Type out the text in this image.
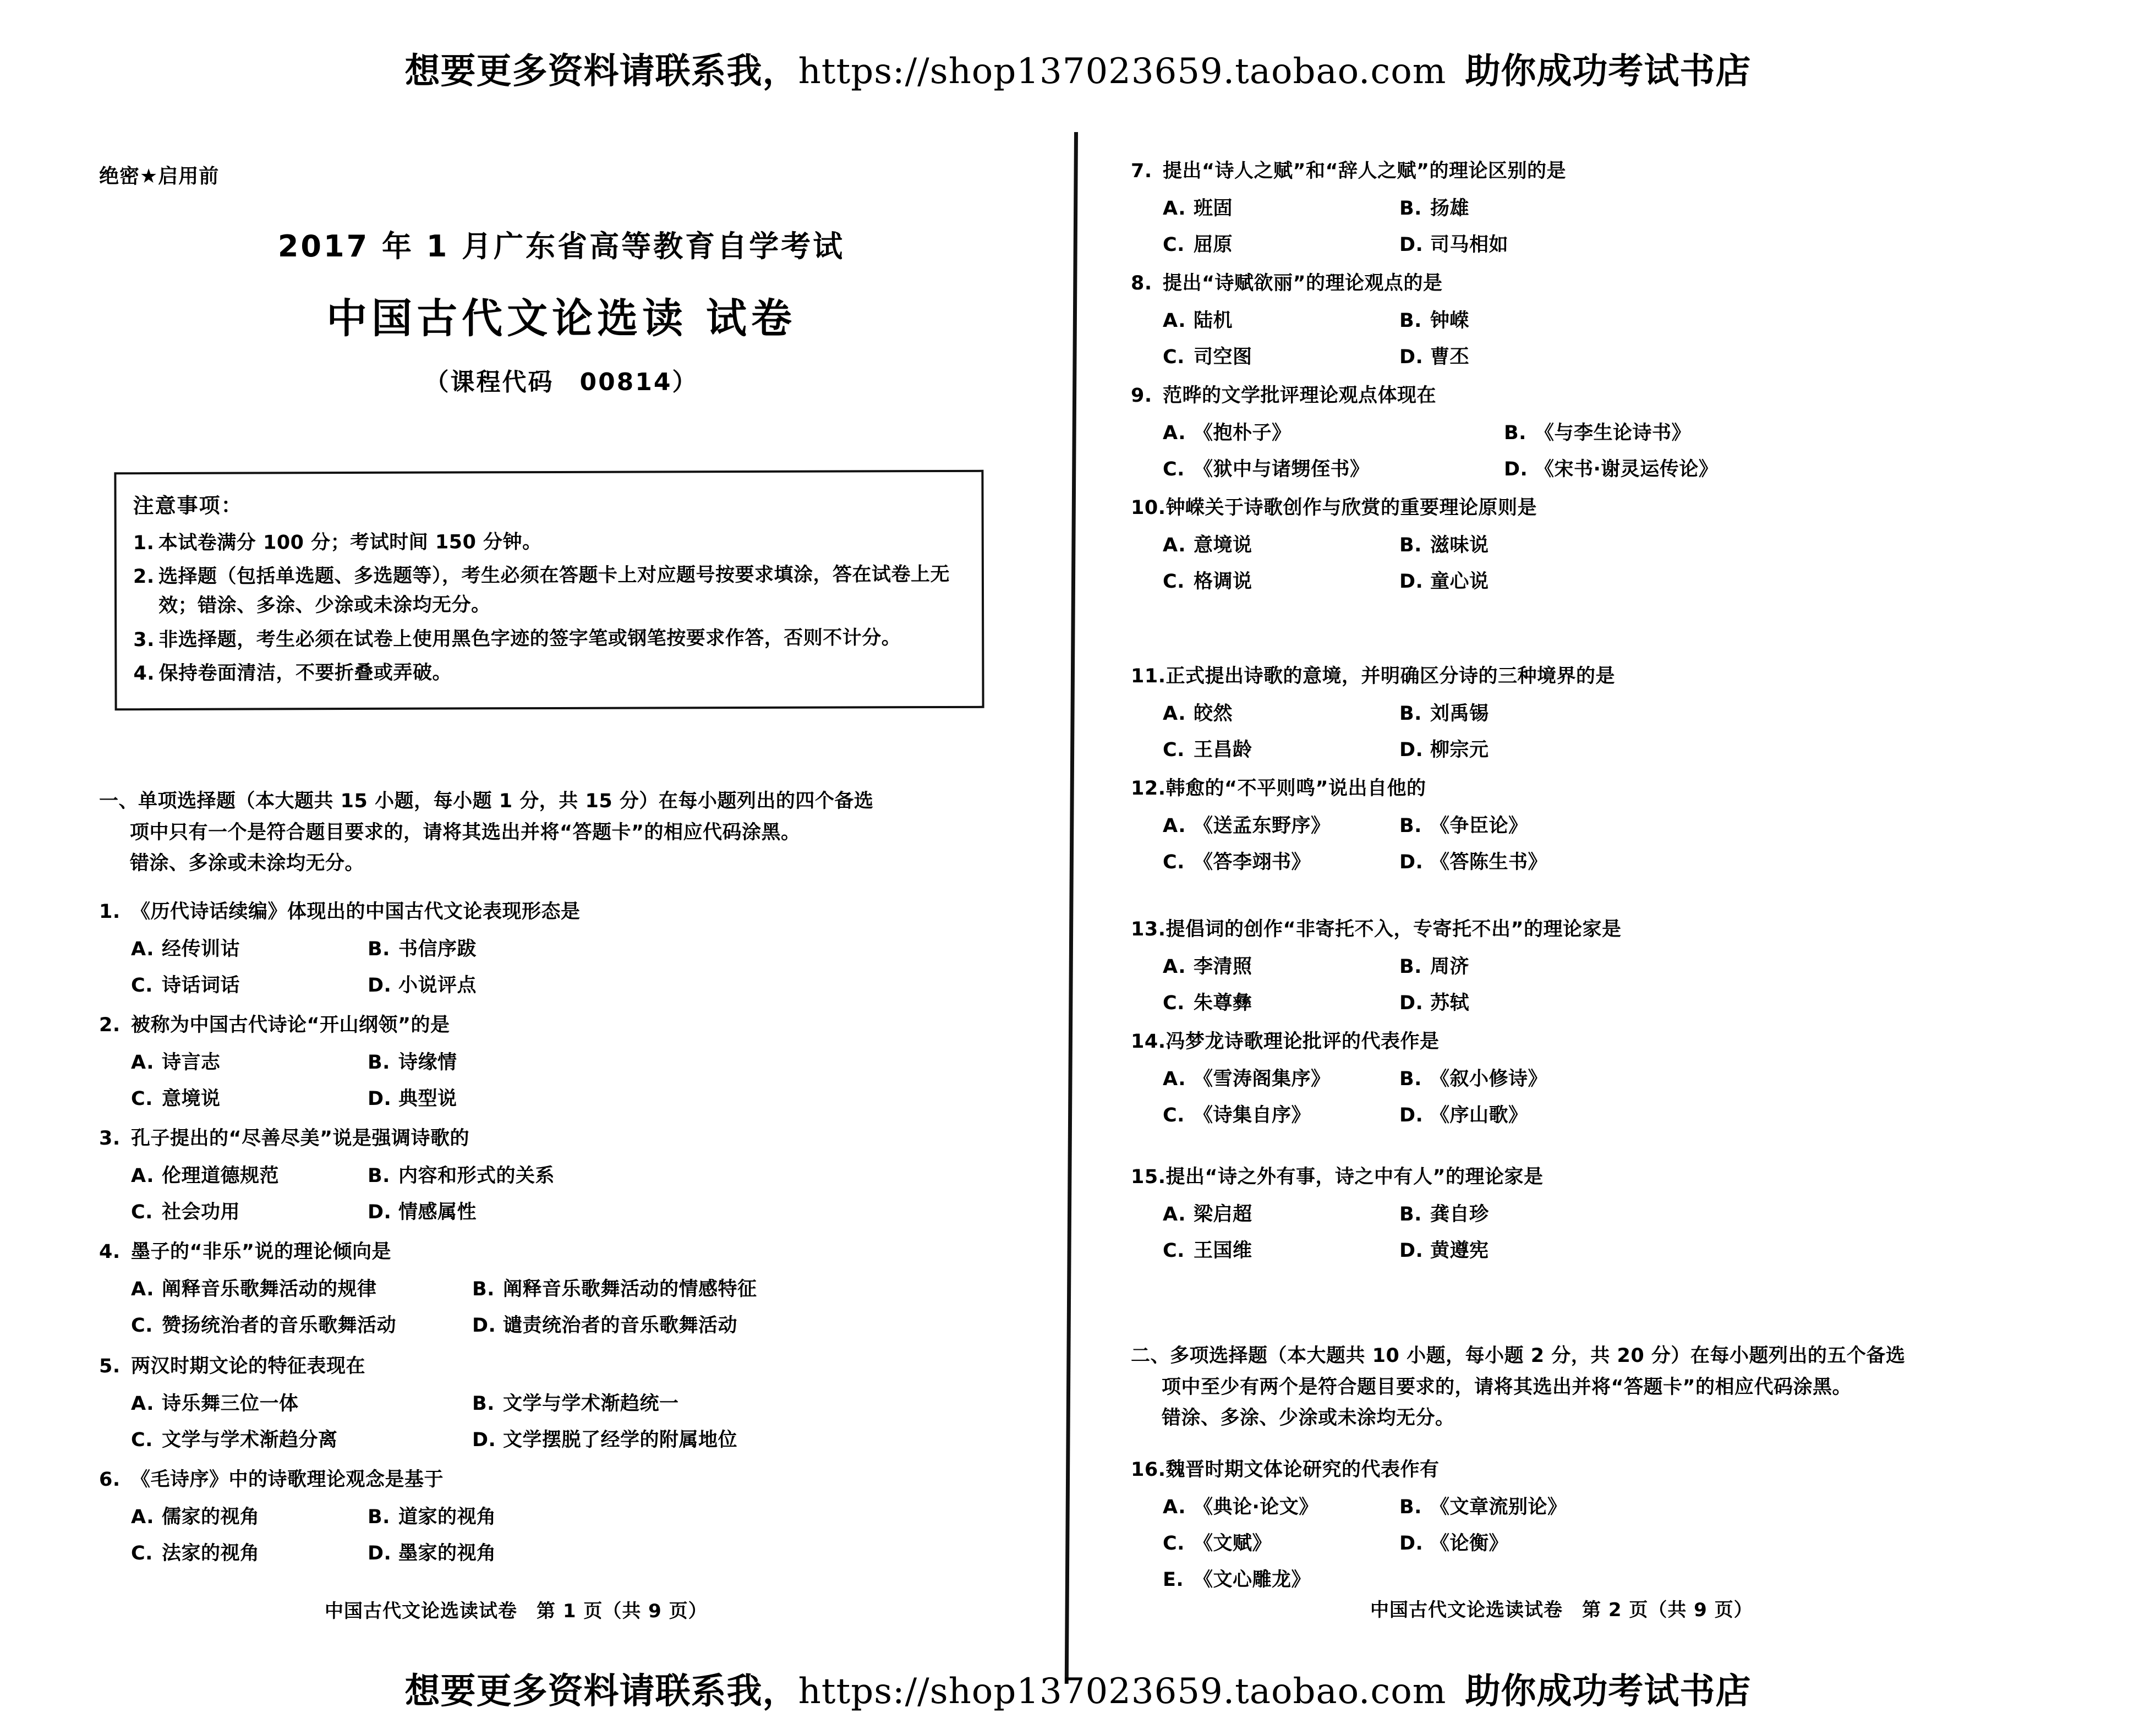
想要更多资料请联系我，https://shop137023659.taobao.com 助你成功考试书店
绝密★启用前
2017 年 1 月广东省高等教育自学考试
中国古代文论选读 试卷
（课程代码　00814）
注意事项：
1. 本试卷满分 100 分；考试时间 150 分钟。
2. 选择题（包括单选题、多选题等），考生必须在答题卡上对应题号按要求填涂，答在试卷上无效；错涂、多涂、少涂或未涂均无分。
3. 非选择题，考生必须在试卷上使用黑色字迹的签字笔或钢笔按要求作答，否则不计分。
4. 保持卷面清洁，不要折叠或弄破。
一、单项选择题（本大题共 15 小题，每小题 1 分，共 15 分）在每小题列出的四个备选
项中只有一个是符合题目要求的，请将其选出并将“答题卡”的相应代码涂黑。
错涂、多涂或未涂均无分。
1. 《历代诗话续编》体现出的中国古代文论表现形态是
A. 经传训诂	B. 书信序跋
C. 诗话词话	D. 小说评点
2. 被称为中国古代诗论“开山纲领”的是
A. 诗言志	B. 诗缘情
C. 意境说	D. 典型说
3. 孔子提出的“尽善尽美”说是强调诗歌的
A. 伦理道德规范	B. 内容和形式的关系
C. 社会功用	D. 情感属性
4. 墨子的“非乐”说的理论倾向是
A. 阐释音乐歌舞活动的规律	B. 阐释音乐歌舞活动的情感特征
C. 赞扬统治者的音乐歌舞活动	D. 谴责统治者的音乐歌舞活动
5. 两汉时期文论的特征表现在
A. 诗乐舞三位一体	B. 文学与学术渐趋统一
C. 文学与学术渐趋分离	D. 文学摆脱了经学的附属地位
6. 《毛诗序》中的诗歌理论观念是基于
A. 儒家的视角	B. 道家的视角
C. 法家的视角	D. 墨家的视角
7. 提出“诗人之赋”和“辞人之赋”的理论区别的是
A. 班固	B. 扬雄
C. 屈原	D. 司马相如
8. 提出“诗赋欲丽”的理论观点的是
A. 陆机	B. 钟嵘
C. 司空图	D. 曹丕
9. 范晔的文学批评理论观点体现在
A. 《抱朴子》	B. 《与李生论诗书》
C. 《狱中与诸甥侄书》	D. 《宋书·谢灵运传论》
10. 钟嵘关于诗歌创作与欣赏的重要理论原则是
A. 意境说	B. 滋味说
C. 格调说	D. 童心说
11. 正式提出诗歌的意境，并明确区分诗的三种境界的是
A. 皎然	B. 刘禹锡
C. 王昌龄	D. 柳宗元
12. 韩愈的“不平则鸣”说出自他的
A. 《送孟东野序》	B. 《争臣论》
C. 《答李翊书》	D. 《答陈生书》
13. 提倡词的创作“非寄托不入，专寄托不出”的理论家是
A. 李清照	B. 周济
C. 朱尊彝	D. 苏轼
14. 冯梦龙诗歌理论批评的代表作是
A. 《雪涛阁集序》	B. 《叙小修诗》
C. 《诗集自序》	D. 《序山歌》
15. 提出“诗之外有事，诗之中有人”的理论家是
A. 梁启超	B. 龚自珍
C. 王国维	D. 黄遵宪
二、多项选择题（本大题共 10 小题，每小题 2 分，共 20 分）在每小题列出的五个备选
项中至少有两个是符合题目要求的，请将其选出并将“答题卡”的相应代码涂黑。
错涂、多涂、少涂或未涂均无分。
16. 魏晋时期文体论研究的代表作有
A. 《典论·论文》	B. 《文章流别论》
C. 《文赋》	D. 《论衡》
E. 《文心雕龙》
中国古代文论选读试卷　第 1 页（共 9 页）	中国古代文论选读试卷　第 2 页（共 9 页）
想要更多资料请联系我，https://shop137023659.taobao.com 助你成功考试书店
